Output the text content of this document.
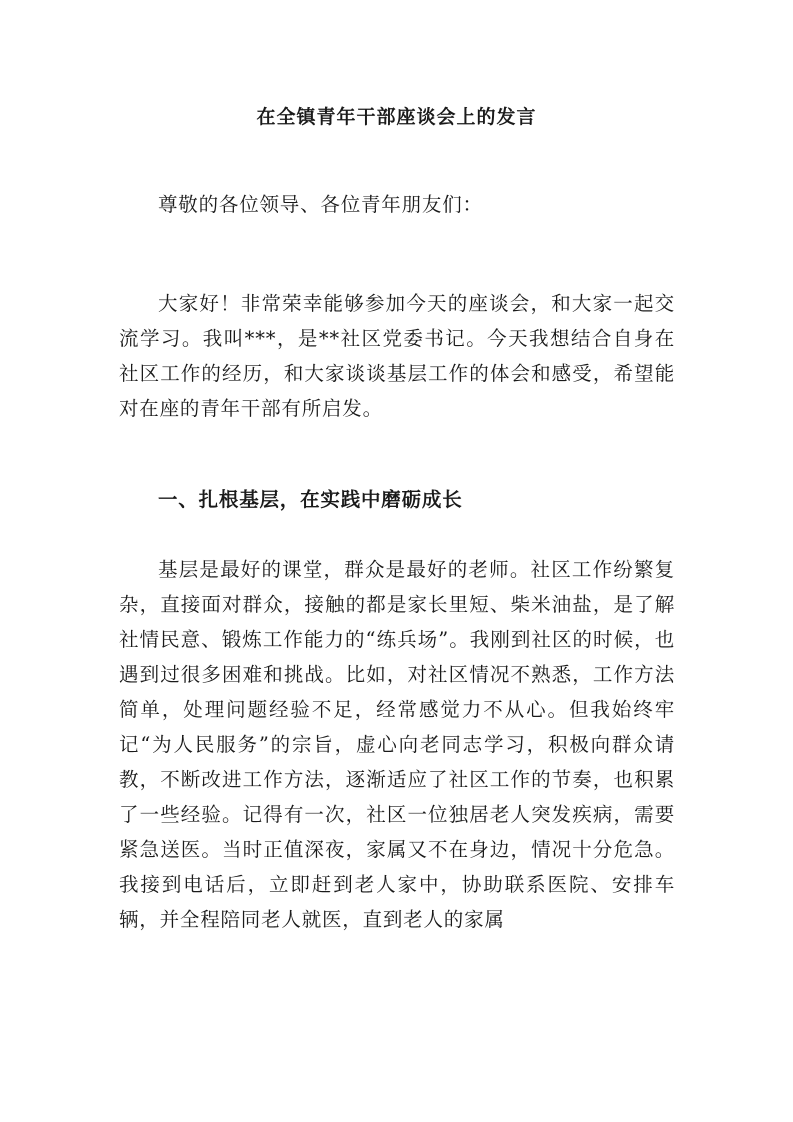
在全镇青年干部座谈会上的发言

尊敬的各位领导、各位青年朋友们：

大家好！非常荣幸能够参加今天的座谈会，和大家一起交流学习。我叫***，是**社区党委书记。今天我想结合自身在社区工作的经历，和大家谈谈基层工作的体会和感受，希望能对在座的青年干部有所启发。

一、扎根基层，在实践中磨砺成长

基层是最好的课堂，群众是最好的老师。社区工作纷繁复杂，直接面对群众，接触的都是家长里短、柴米油盐，是了解社情民意、锻炼工作能力的“练兵场”。我刚到社区的时候，也遇到过很多困难和挑战。比如，对社区情况不熟悉，工作方法简单，处理问题经验不足，经常感觉力不从心。但我始终牢记“为人民服务”的宗旨，虚心向老同志学习，积极向群众请教，不断改进工作方法，逐渐适应了社区工作的节奏，也积累了一些经验。记得有一次，社区一位独居老人突发疾病，需要紧急送医。当时正值深夜，家属又不在身边，情况十分危急。我接到电话后，立即赶到老人家中，协助联系医院、安排车辆，并全程陪同老人就医，直到老人的家属
